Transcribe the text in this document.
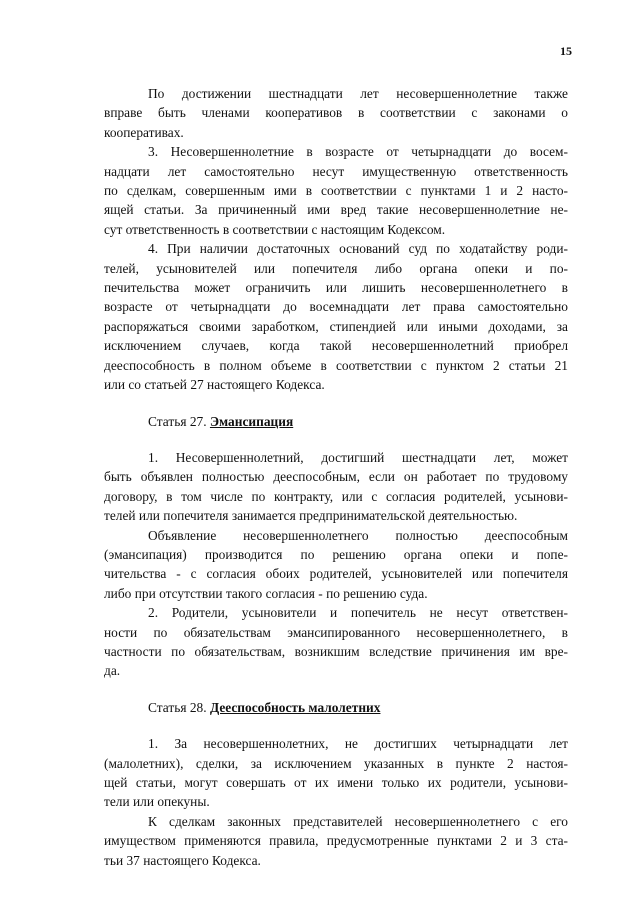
15
По достижении шестнадцати лет несовершеннолетние также
вправе быть членами кооперативов в соответствии с законами о
кооперативах.
3. Несовершеннолетние в возрасте от четырнадцати до восем-
надцати лет самостоятельно несут имущественную ответственность
по сделкам, совершенным ими в соответствии с пунктами 1 и 2 насто-
ящей статьи. За причиненный ими вред такие несовершеннолетние не-
сут ответственность в соответствии с настоящим Кодексом.
4. При наличии достаточных оснований суд по ходатайству роди-
телей, усыновителей или попечителя либо органа опеки и по-
печительства может ограничить или лишить несовершеннолетнего в
возрасте от четырнадцати до восемнадцати лет права самостоятельно
распоряжаться своими заработком, стипендией или иными доходами, за
исключением случаев, когда такой несовершеннолетний приобрел
дееспособность в полном объеме в соответствии с пунктом 2 статьи 21
или со статьей 27 настоящего Кодекса.
Статья 27. Эмансипация
1. Несовершеннолетний, достигший шестнадцати лет, может
быть объявлен полностью дееспособным, если он работает по трудовому
договору, в том числе по контракту, или с согласия родителей, усынови-
телей или попечителя занимается предпринимательской деятельностью.
Объявление несовершеннолетнего полностью дееспособным
(эмансипация) производится по решению органа опеки и попе-
чительства - с согласия обоих родителей, усыновителей или попечителя
либо при отсутствии такого согласия - по решению суда.
2. Родители, усыновители и попечитель не несут ответствен-
ности по обязательствам эмансипированного несовершеннолетнего, в
частности по обязательствам, возникшим вследствие причинения им вре-
да.
Статья 28. Дееспособность малолетних
1. За несовершеннолетних, не достигших четырнадцати лет
(малолетних), сделки, за исключением указанных в пункте 2 настоя-
щей статьи, могут совершать от их имени только их родители, усынови-
тели или опекуны.
К сделкам законных представителей несовершеннолетнего с его
имуществом применяются правила, предусмотренные пунктами 2 и 3 ста-
тьи 37 настоящего Кодекса.
